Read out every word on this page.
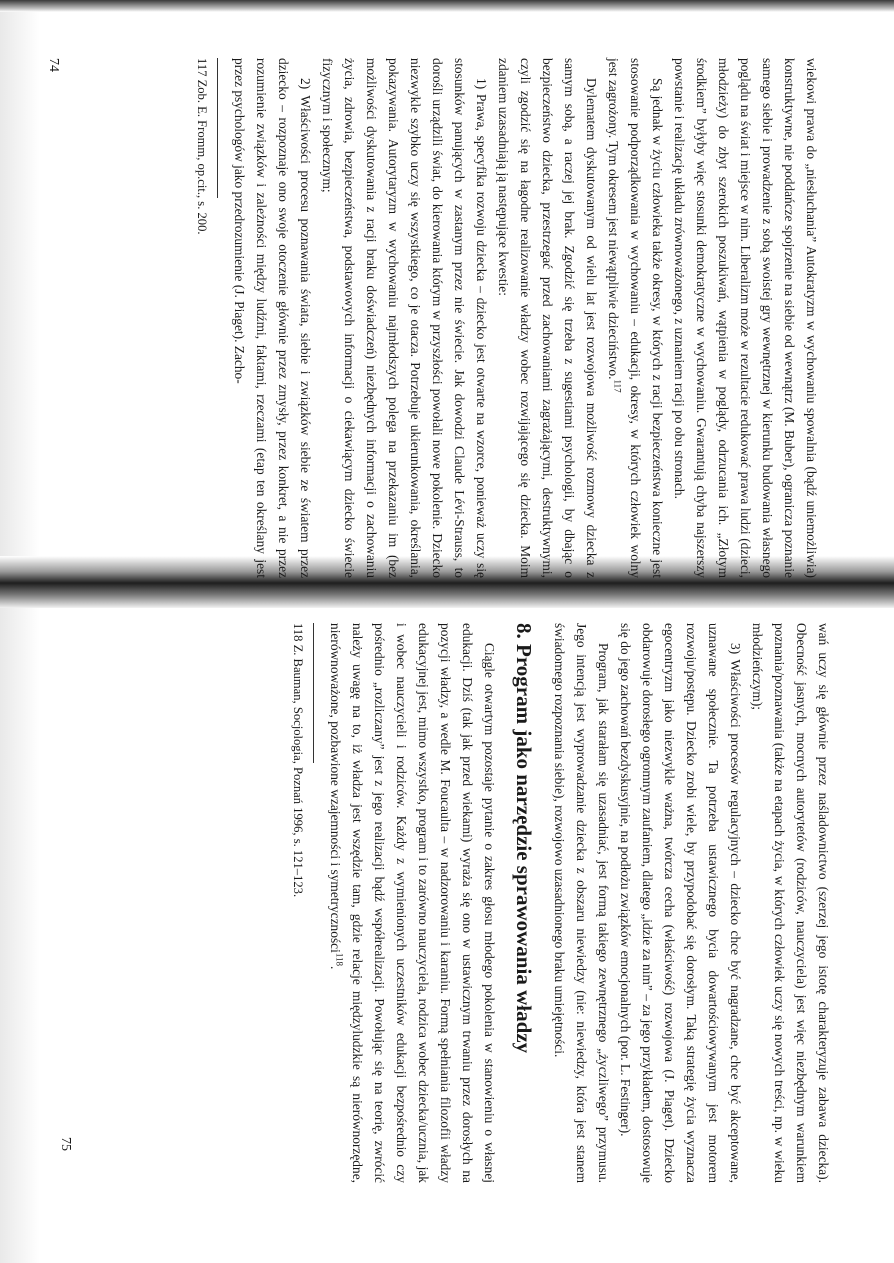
wiekowi prawa do „niesłuchania” Autokratyzm w wychowaniu spowalnia (bądź uniemożliwia) konstruktywne, nie poddańcze spojrzenie na siebie od wewnątrz (M. Buber), ogranicza poznanie samego siebie i prowadzenie z sobą swoistej gry wewnętrznej w kierunku budowania własnego poglądu na świat i miejsce w nim. Liberalizm może w rezultacie redukować prawa ludzi (dzieci, młodzieży) do zbyt szerokich poszukiwań, wątpienia w poglądy, odrzucania ich. „Złotym środkiem” byłyby więc stosunki demokratyczne w wychowaniu. Gwarantują chyba najszerszy powstanie i realizację układu zrównoważonego, z uznaniem racji po obu stronach.

Są jednak w życiu człowieka także okresy, w których z racji bezpieczeństwa konieczne jest stosowanie podporządkowania w wychowaniu – edukacji, okresy, w których człowiek wolny jest zagrożony. Tym okresem jest niewątpliwie dzieciństwo.$^{117}$

Dylematem dyskutowanym od wielu lat jest rozwojowa możliwość rozmowy dziecka z samym sobą, a raczej jej brak. Zgodzić się trzeba z sugestiami psychologii, by dbając o bezpieczeństwo dziecka, przestrzegać przed zachowaniami zagrażającymi, destruktywnymi, czyli zgodzić się na łagodne realizowanie władzy wobec rozwijającego się dziecka. Moim zdaniem uzasadniają ją następujące kwestie:

1) Prawa, specyfika rozwoju dziecka – dziecko jest otwarte na wzorce, ponieważ uczy się stosunków panujących w zastanym przez nie świecie. Jak dowodzi Claude Lévi-Strauss, to dorośli urządzili świat, do kierowania którym w przyszłości powołali nowe pokolenie. Dziecko niezwykle szybko uczy się wszystkiego, co je otacza. Potrzebuje ukierunkowania, określania, pokazywania. Autorytaryzm w wychowaniu najmłodszych polega na przekazaniu im (bez możliwości dyskutowania z racji braku doświadczeń) niezbędnych informacji o zachowaniu życia, zdrowia, bezpieczeństwa, podstawowych informacji o ciekawiącym dziecko świecie fizycznym i społecznym;

2) Właściwości procesu poznawania świata, siebie i związków siebie ze światem przez dziecko – rozpoznaje ono swoje otoczenie głównie przez zmysły, przez konkret, a nie przez rozumienie związków i zależności między ludźmi, faktami, rzeczami (etap ten określany jest przez psychologów jako przedrozumienie (J. Piaget). Zacho-

117 Zob. E. Fromm, op.cit., s. 200.

74

wań uczy się głównie przez naśladownictwo (szerzej jego istotę charakteryzuje zabawa dziecka). Obecność jasnych, mocnych autorytetów (rodziców, nauczyciela) jest więc niezbędnym warunkiem poznania/poznawania (także na etapach życia, w których człowiek uczy się nowych treści, np. w wieku młodzieńczym);

3) Właściwości procesów regulacyjnych – dziecko chce być nagradzane, chce być akceptowane, uznawane społecznie. Ta potrzeba ustawicznego bycia dowartościowywanym jest motorem rozwoju/postępu. Dziecko zrobi wiele, by przypodobać się dorosłym. Taką strategię życia wyznacza egocentryzm jako niezwykle ważna, twórcza cecha (właściwość) rozwojowa (J. Piaget). Dziecko obdarowuje dorosłego ogromnym zaufaniem, dlatego „idzie za nim” – za jego przykładem, dostosowuje się do jego zachowań bezdyskusyjnie, na podłożu związków emocjonalnych (por. L. Festinger).

Program, jak starałam się uzasadniać, jest formą takiego zewnętrznego „życzliwego” przymusu. Jego intencją jest wyprowadzanie dziecka z obszaru niewiedzy (nie: niewiedzy, która jest stanem świadomego rozpoznania siebie), rozwojowo uzasadnionego braku umiejętności.

8. Program jako narzędzie sprawowania władzy

Ciągle otwartym pozostaje pytanie o zakres głosu młodego pokolenia w stanowieniu o własnej edukacji. Dziś (tak jak przed wiekami) wyraża się ono w ustawicznym trwaniu przez dorosłych na pozycji władzy, a wedle M. Foucaulta – w nadzorowaniu i karaniu. Formą spełniania filozofii władzy edukacyjnej jest, mimo wszystko, program i to zarówno nauczyciela, rodzica wobec dziecka/ucznia, jak i wobec nauczycieli i rodziców. Każdy z wymienionych uczestników edukacji bezpośrednio czy pośrednio „rozliczany” jest z jego realizacji bądź współrealizacji. Powołując się na teorię, zwrócić należy uwagę na to, iż władza jest wszędzie tam, gdzie relacje międzyludzkie są nierównorzędne, nierównoważone, pozbawione wzajemności i symetryczności$^{118}$.

118 Z. Bauman, Socjologia, Poznań 1996, s. 121–123.

75
